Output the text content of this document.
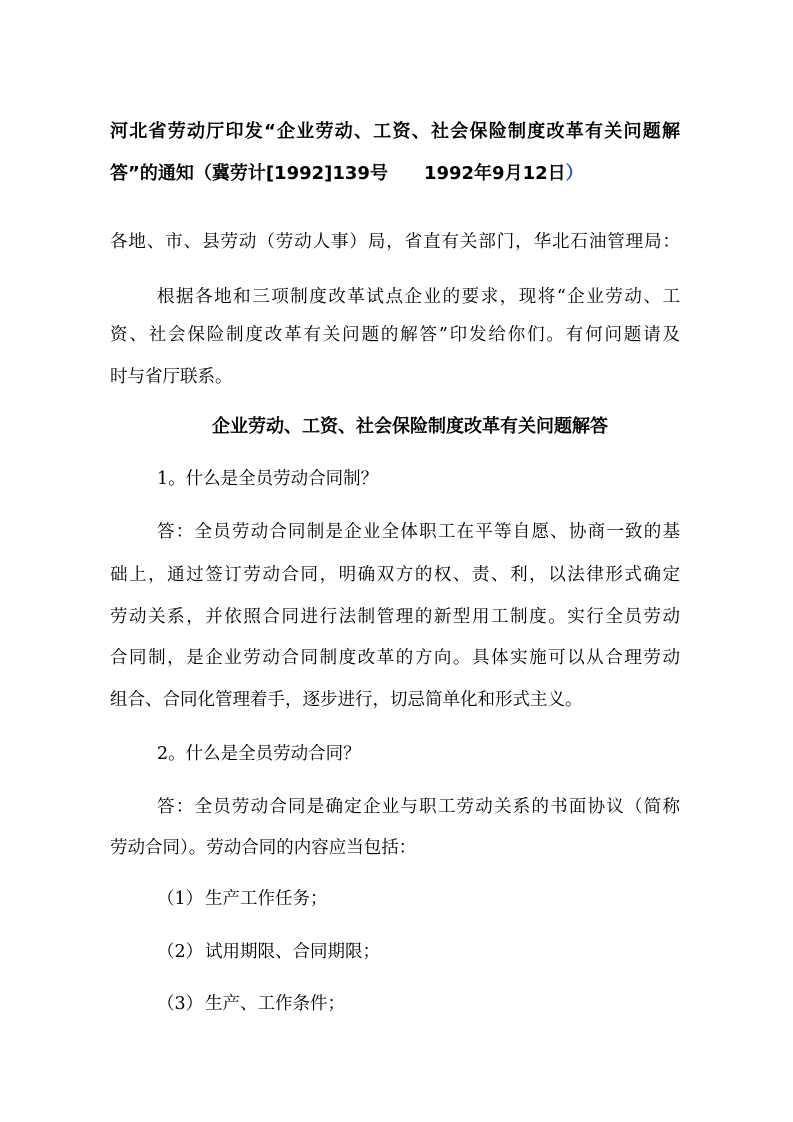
河北省劳动厅印发“企业劳动、工资、社会保险制度改革有关问题解
答”的通知（冀劳计[1992]139号　　1992年9月12日）
各地、市、县劳动（劳动人事）局，省直有关部门，华北石油管理局：
根据各地和三项制度改革试点企业的要求，现将“企业劳动、工
资、社会保险制度改革有关问题的解答”印发给你们。有何问题请及
时与省厅联系。
企业劳动、工资、社会保险制度改革有关问题解答
1。什么是全员劳动合同制？
答：全员劳动合同制是企业全体职工在平等自愿、协商一致的基
础上，通过签订劳动合同，明确双方的权、责、利，以法律形式确定
劳动关系，并依照合同进行法制管理的新型用工制度。实行全员劳动
合同制，是企业劳动合同制度改革的方向。具体实施可以从合理劳动
组合、合同化管理着手，逐步进行，切忌简单化和形式主义。
2。什么是全员劳动合同？
答：全员劳动合同是确定企业与职工劳动关系的书面协议（简称
劳动合同）。劳动合同的内容应当包括：
（1） 生产工作任务；
（2） 试用期限、合同期限；
（3） 生产、工作条件；
